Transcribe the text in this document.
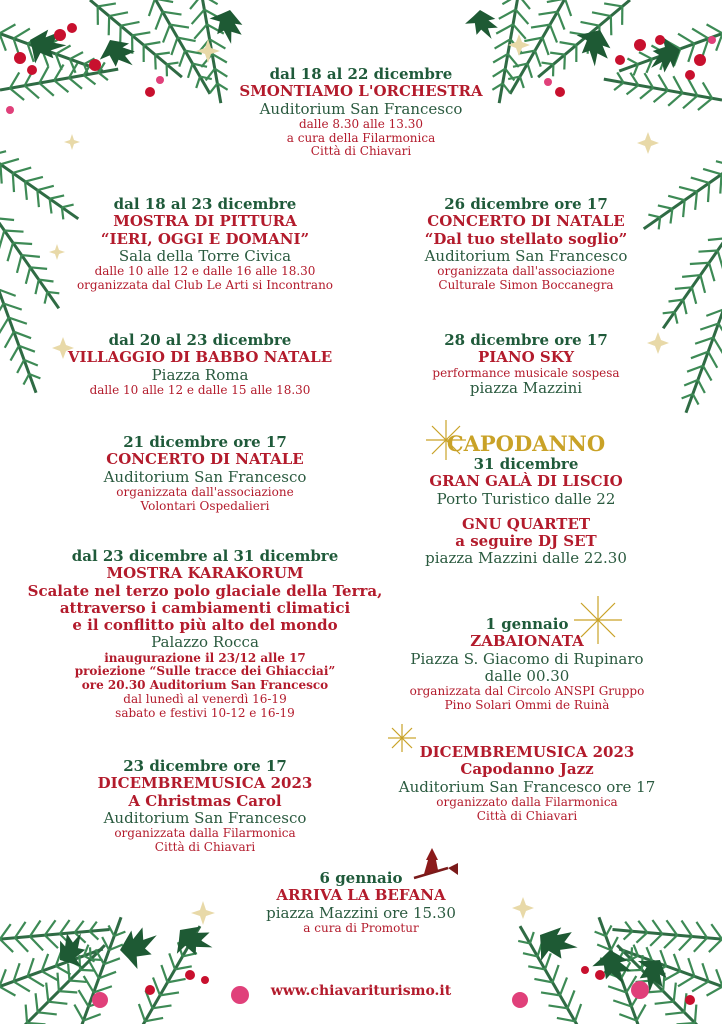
dal 18 al 22 dicembre
SMONTIAMO L'ORCHESTRA
Auditorium San Francesco
dalle 8.30 alle 13.30
a cura della Filarmonica
Città di Chiavari
dal 18 al 23 dicembre
MOSTRA DI PITTURA
“IERI, OGGI E DOMANI”
Sala della Torre Civica
dalle 10 alle 12 e dalle 16 alle 18.30
organizzata dal Club Le Arti si Incontrano
26 dicembre ore 17
CONCERTO DI NATALE
“Dal tuo stellato soglio”
Auditorium San Francesco
organizzata dall'associazione
Culturale Simon Boccanegra
dal 20 al 23 dicembre
VILLAGGIO DI BABBO NATALE
Piazza Roma
dalle 10 alle 12 e dalle 15 alle 18.30
28 dicembre ore 17
PIANO SKY
performance musicale sospesa
piazza Mazzini
21 dicembre ore 17
CONCERTO DI NATALE
Auditorium San Francesco
organizzata dall'associazione
Volontari Ospedalieri
CAPODANNO
31 dicembre
GRAN GALÀ DI LISCIO
Porto Turistico dalle 22
GNU QUARTET
a seguire DJ SET
piazza Mazzini dalle 22.30
dal 23 dicembre al 31 dicembre
MOSTRA KARAKORUM
Scalate nel terzo polo glaciale della Terra,
attraverso i cambiamenti climatici
e il conflitto più alto del mondo
Palazzo Rocca
inaugurazione il 23/12 alle 17
proiezione “Sulle tracce dei Ghiacciai”
ore 20.30 Auditorium San Francesco
dal lunedì al venerdì 16-19
sabato e festivi 10-12 e 16-19
1 gennaio
ZABAIONATA
Piazza S. Giacomo di Rupinaro
dalle 00.30
organizzata dal Circolo ANSPI Gruppo
Pino Solari Ommi de Ruinà
23 dicembre ore 17
DICEMBREMUSICA 2023
A Christmas Carol
Auditorium San Francesco
organizzata dalla Filarmonica
Città di Chiavari
DICEMBREMUSICA 2023
Capodanno Jazz
Auditorium San Francesco ore 17
organizzato dalla Filarmonica
Città di Chiavari
6 gennaio
ARRIVA LA BEFANA
piazza Mazzini ore 15.30
a cura di Promotur
www.chiavariturismo.it
